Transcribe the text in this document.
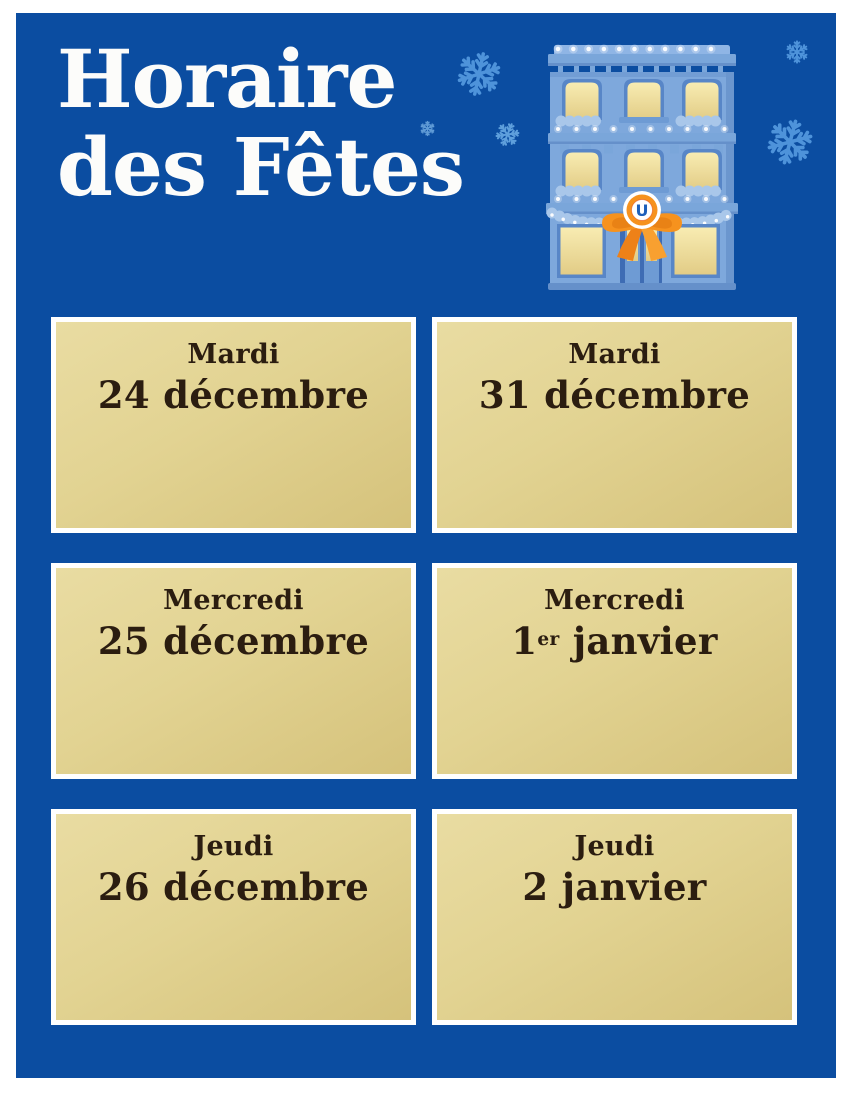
Horaire
des Fêtes	U
Mardi
24 décembre
Mardi
31 décembre
Mercredi
25 décembre
Mercredi
1er janvier
Jeudi
26 décembre
Jeudi
2 janvier
